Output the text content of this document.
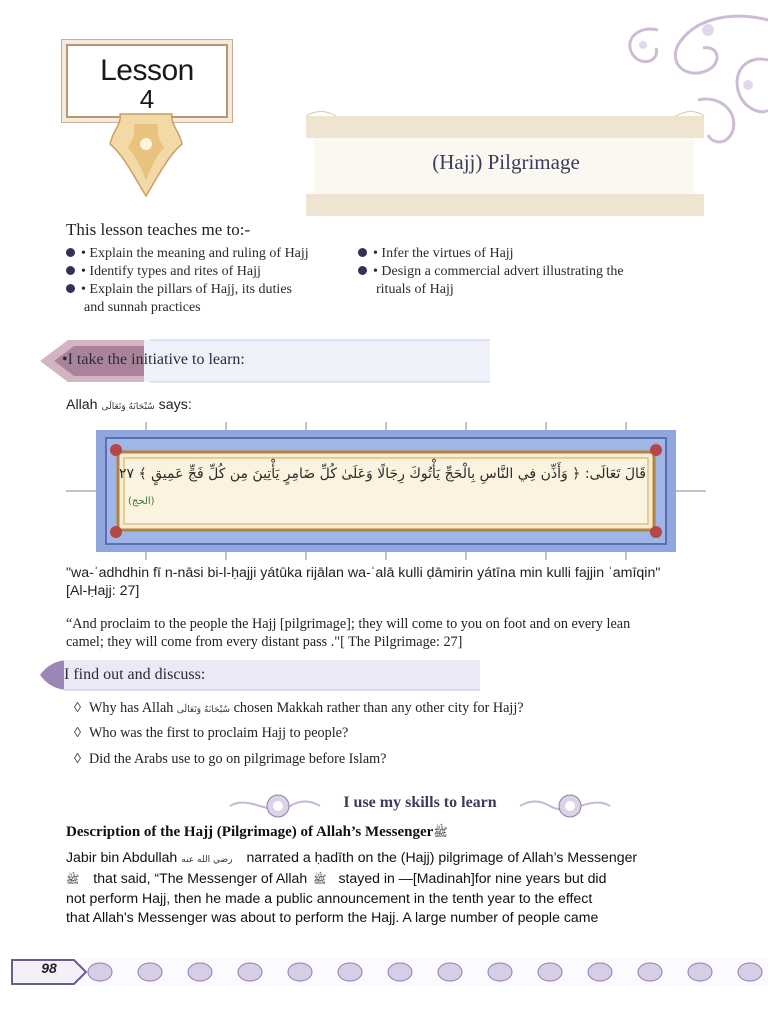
Lesson
4
(Hajj) Pilgrimage
This lesson teaches me to:-
• Explain the meaning and ruling of Hajj
• Identify types and rites of Hajj
• Explain the pillars of Hajj, its duties
and sunnah practices
• Infer the virtues of Hajj
• Design a commercial advert illustrating the
rituals of Hajj
•I take the initiative to learn:
Allah سُبْحَانَهُ وَتَعَالَى says:
قَالَ تَعَالَى: ﴿ وَأَذِّن فِي النَّاسِ بِالْحَجِّ يَأْتُوكَ رِجَالًا وَعَلَىٰ كُلِّ ضَامِرٍ يَأْتِينَ مِن كُلِّ فَجٍّ عَمِيقٍ ﴾ ٢٧
(الحج)
"wa-ʾadhdhin fī n-nāsi bi-l-ḥajji yátūka rijālan wa-ʿalā kulli ḍāmirin yátīna min kulli fajjin ʿamīqin"
[Al-Ḥajj: 27]
“And proclaim to the people the Hajj [pilgrimage]; they will come to you on foot and on every lean
camel; they will come from every distant pass ."[ The Pilgrimage: 27]
I find out and discuss:
◊ Why has Allah سُبْحَانَهُ وَتَعَالَى chosen Makkah rather than any other city for Hajj?
◊ Who was the first to proclaim Hajj to people?
◊ Did the Arabs use to go on pilgrimage before Islam?
I use my skills to learn
Description of the Hajj (Pilgrimage) of Allah’s Messengerﷺ
Jabir bin Abdullah رضي الله عنه narrated a ḥadīth on the (Hajj) pilgrimage of Allah’s Messenger
ﷺ that said, “The Messenger of Allah ﷺ stayed in —[Madinah]for nine years but did
not perform Hajj, then he made a public announcement in the tenth year to the effect
that Allah's Messenger was about to perform the Hajj. A large number of people came
98
